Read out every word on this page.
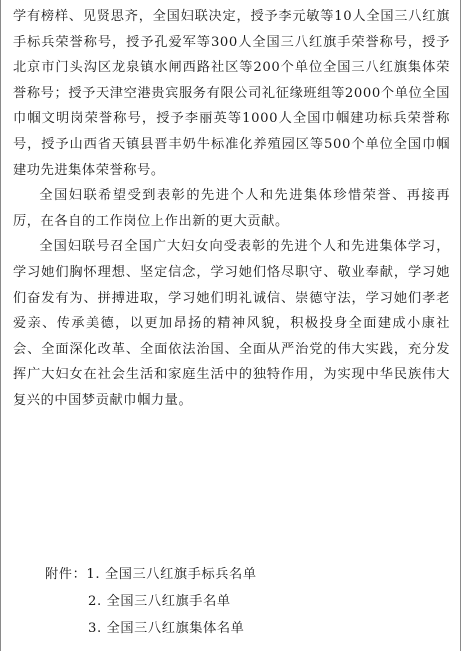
学有榜样、见贤思齐，全国妇联决定，授予李元敏等10人全国三八红旗手标兵荣誉称号，授予孔爱军等300人全国三八红旗手荣誉称号，授予北京市门头沟区龙泉镇水闸西路社区等200个单位全国三八红旗集体荣誉称号；授予天津空港贵宾服务有限公司礼征缘班组等2000个单位全国巾帼文明岗荣誉称号，授予李丽英等1000人全国巾帼建功标兵荣誉称号，授予山西省天镇县晋丰奶牛标准化养殖园区等500个单位全国巾帼建功先进集体荣誉称号。

全国妇联希望受到表彰的先进个人和先进集体珍惜荣誉、再接再厉，在各自的工作岗位上作出新的更大贡献。

全国妇联号召全国广大妇女向受表彰的先进个人和先进集体学习，学习她们胸怀理想、坚定信念，学习她们恪尽职守、敬业奉献，学习她们奋发有为、拼搏进取，学习她们明礼诚信、崇德守法，学习她们孝老爱亲、传承美德，以更加昂扬的精神风貌，积极投身全面建成小康社会、全面深化改革、全面依法治国、全面从严治党的伟大实践，充分发挥广大妇女在社会生活和家庭生活中的独特作用，为实现中华民族伟大复兴的中国梦贡献巾帼力量。

附件：1. 全国三八红旗手标兵名单
2. 全国三八红旗手名单
3. 全国三八红旗集体名单
